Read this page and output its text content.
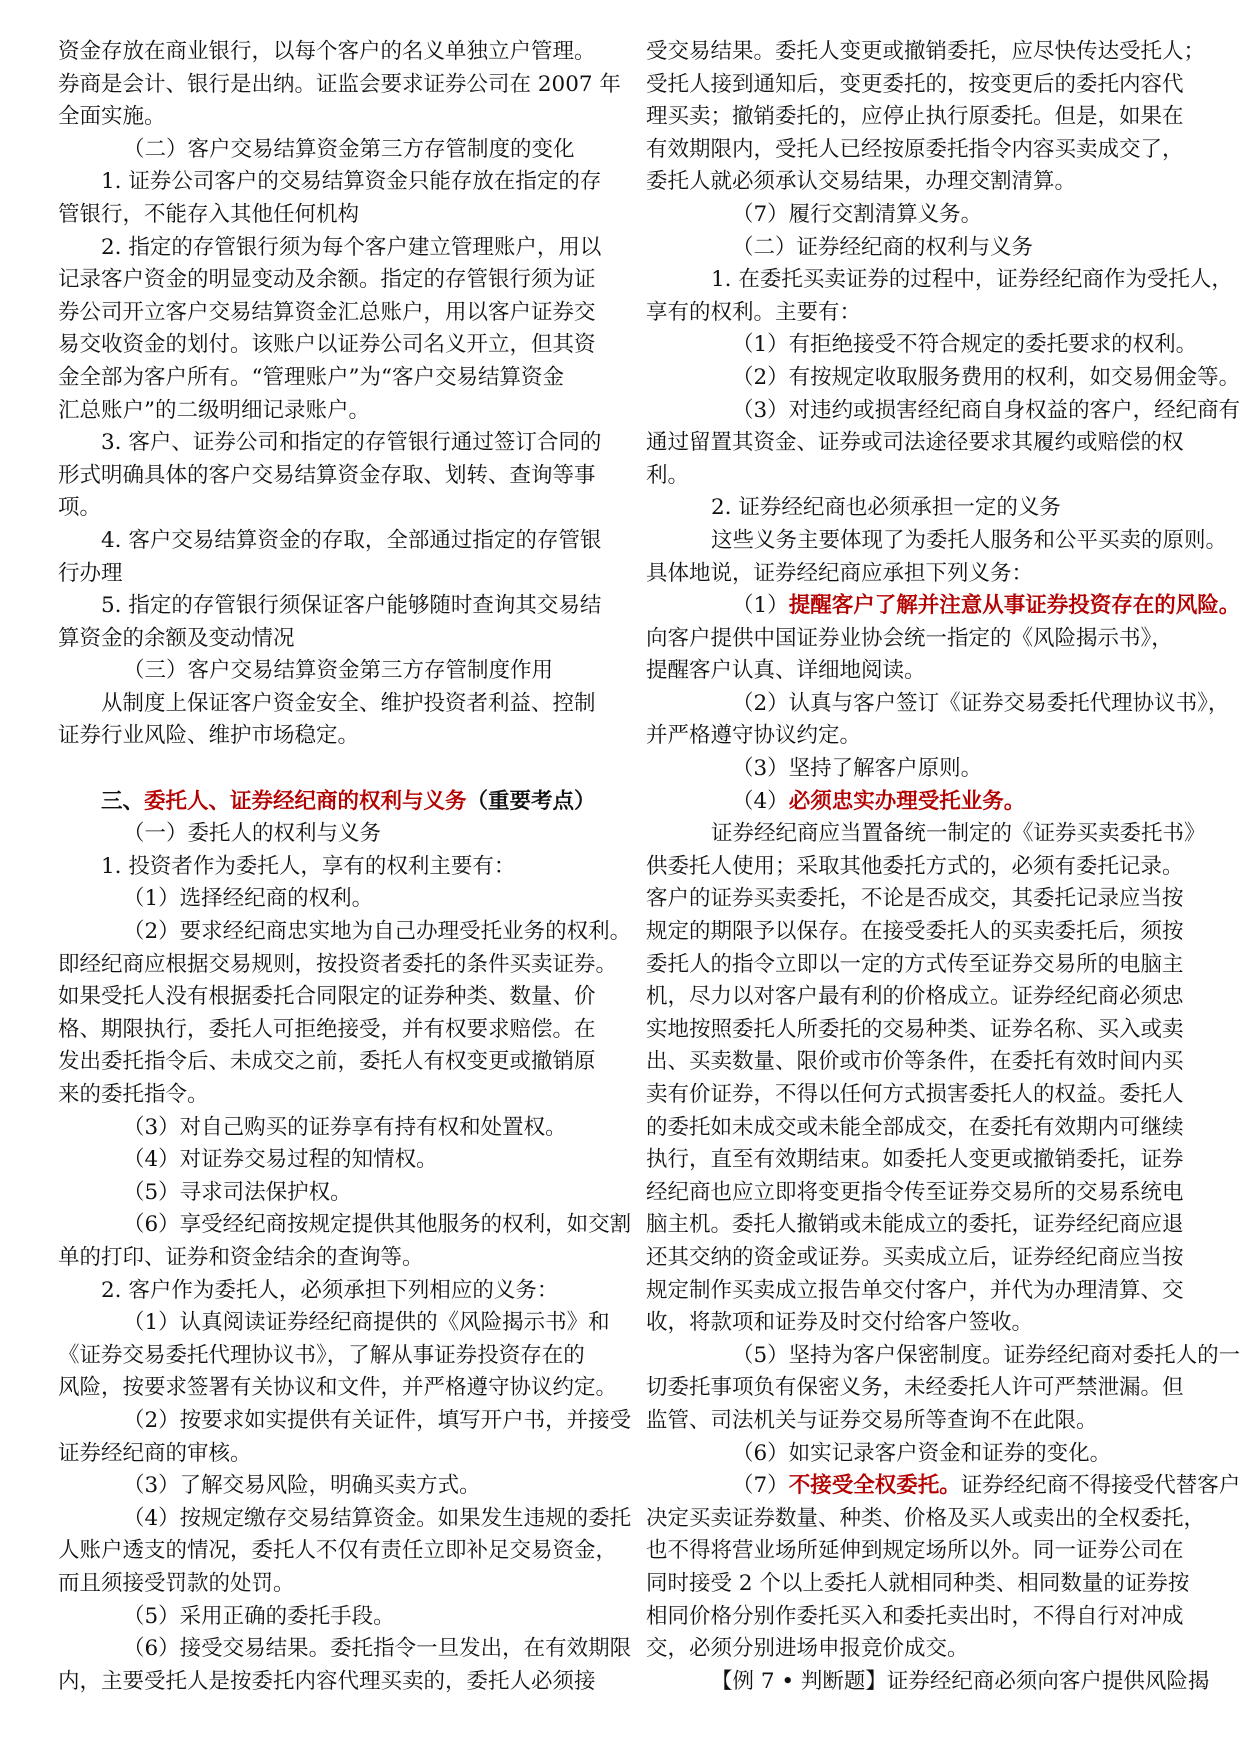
资金存放在商业银行，以每个客户的名义单独立户管理。
券商是会计、银行是出纳。证监会要求证券公司在 2007 年
全面实施。
（二）客户交易结算资金第三方存管制度的变化
1. 证券公司客户的交易结算资金只能存放在指定的存
管银行，不能存入其他任何机构
2. 指定的存管银行须为每个客户建立管理账户，用以
记录客户资金的明显变动及余额。指定的存管银行须为证
券公司开立客户交易结算资金汇总账户，用以客户证券交
易交收资金的划付。该账户以证券公司名义开立，但其资
金全部为客户所有。“管理账户”为“客户交易结算资金
汇总账户”的二级明细记录账户。
3. 客户、证券公司和指定的存管银行通过签订合同的
形式明确具体的客户交易结算资金存取、划转、查询等事
项。
4. 客户交易结算资金的存取，全部通过指定的存管银
行办理
5. 指定的存管银行须保证客户能够随时查询其交易结
算资金的余额及变动情况
（三）客户交易结算资金第三方存管制度作用
从制度上保证客户资金安全、维护投资者利益、控制
证券行业风险、维护市场稳定。
三、委托人、证券经纪商的权利与义务（重要考点）
（一）委托人的权利与义务
1. 投资者作为委托人，享有的权利主要有：
（1）选择经纪商的权利。
（2）要求经纪商忠实地为自己办理受托业务的权利。
即经纪商应根据交易规则，按投资者委托的条件买卖证券。
如果受托人没有根据委托合同限定的证券种类、数量、价
格、期限执行，委托人可拒绝接受，并有权要求赔偿。在
发出委托指令后、未成交之前，委托人有权变更或撤销原
来的委托指令。
（3）对自己购买的证券享有持有权和处置权。
（4）对证券交易过程的知情权。
（5）寻求司法保护权。
（6）享受经纪商按规定提供其他服务的权利，如交割
单的打印、证券和资金结余的查询等。
2. 客户作为委托人，必须承担下列相应的义务：
（1）认真阅读证券经纪商提供的《风险揭示书》和
《证券交易委托代理协议书》，了解从事证券投资存在的
风险，按要求签署有关协议和文件，并严格遵守协议约定。
（2）按要求如实提供有关证件，填写开户书，并接受
证券经纪商的审核。
（3）了解交易风险，明确买卖方式。
（4）按规定缴存交易结算资金。如果发生违规的委托
人账户透支的情况，委托人不仅有责任立即补足交易资金，
而且须接受罚款的处罚。
（5）采用正确的委托手段。
（6）接受交易结果。委托指令一旦发出，在有效期限
内，主要受托人是按委托内容代理买卖的，委托人必须接
受交易结果。委托人变更或撤销委托，应尽快传达受托人；
受托人接到通知后，变更委托的，按变更后的委托内容代
理买卖；撤销委托的，应停止执行原委托。但是，如果在
有效期限内，受托人已经按原委托指令内容买卖成交了，
委托人就必须承认交易结果，办理交割清算。
（7）履行交割清算义务。
（二）证券经纪商的权利与义务
1. 在委托买卖证券的过程中，证券经纪商作为受托人，
享有的权利。主要有：
（1）有拒绝接受不符合规定的委托要求的权利。
（2）有按规定收取服务费用的权利，如交易佣金等。
（3）对违约或损害经纪商自身权益的客户，经纪商有
通过留置其资金、证券或司法途径要求其履约或赔偿的权
利。
2. 证券经纪商也必须承担一定的义务
这些义务主要体现了为委托人服务和公平买卖的原则。
具体地说，证券经纪商应承担下列义务：
（1）提醒客户了解并注意从事证券投资存在的风险。
向客户提供中国证券业协会统一指定的《风险揭示书》，
提醒客户认真、详细地阅读。
（2）认真与客户签订《证券交易委托代理协议书》，
并严格遵守协议约定。
（3）坚持了解客户原则。
（4）必须忠实办理受托业务。
证券经纪商应当置备统一制定的《证券买卖委托书》
供委托人使用；采取其他委托方式的，必须有委托记录。
客户的证券买卖委托，不论是否成交，其委托记录应当按
规定的期限予以保存。在接受委托人的买卖委托后，须按
委托人的指令立即以一定的方式传至证券交易所的电脑主
机，尽力以对客户最有利的价格成立。证券经纪商必须忠
实地按照委托人所委托的交易种类、证券名称、买入或卖
出、买卖数量、限价或市价等条件，在委托有效时间内买
卖有价证券，不得以任何方式损害委托人的权益。委托人
的委托如未成交或未能全部成交，在委托有效期内可继续
执行，直至有效期结束。如委托人变更或撤销委托，证券
经纪商也应立即将变更指令传至证券交易所的交易系统电
脑主机。委托人撤销或未能成立的委托，证券经纪商应退
还其交纳的资金或证券。买卖成立后，证券经纪商应当按
规定制作买卖成立报告单交付客户，并代为办理清算、交
收，将款项和证券及时交付给客户签收。
（5）坚持为客户保密制度。证券经纪商对委托人的一
切委托事项负有保密义务，未经委托人许可严禁泄漏。但
监管、司法机关与证券交易所等查询不在此限。
（6）如实记录客户资金和证券的变化。
（7）不接受全权委托。证券经纪商不得接受代替客户
决定买卖证券数量、种类、价格及买人或卖出的全权委托，
也不得将营业场所延伸到规定场所以外。同一证券公司在
同时接受 2 个以上委托人就相同种类、相同数量的证券按
相同价格分别作委托买入和委托卖出时，不得自行对冲成
交，必须分别进场申报竞价成交。
【例 7 • 判断题】证券经纪商必须向客户提供风险揭
